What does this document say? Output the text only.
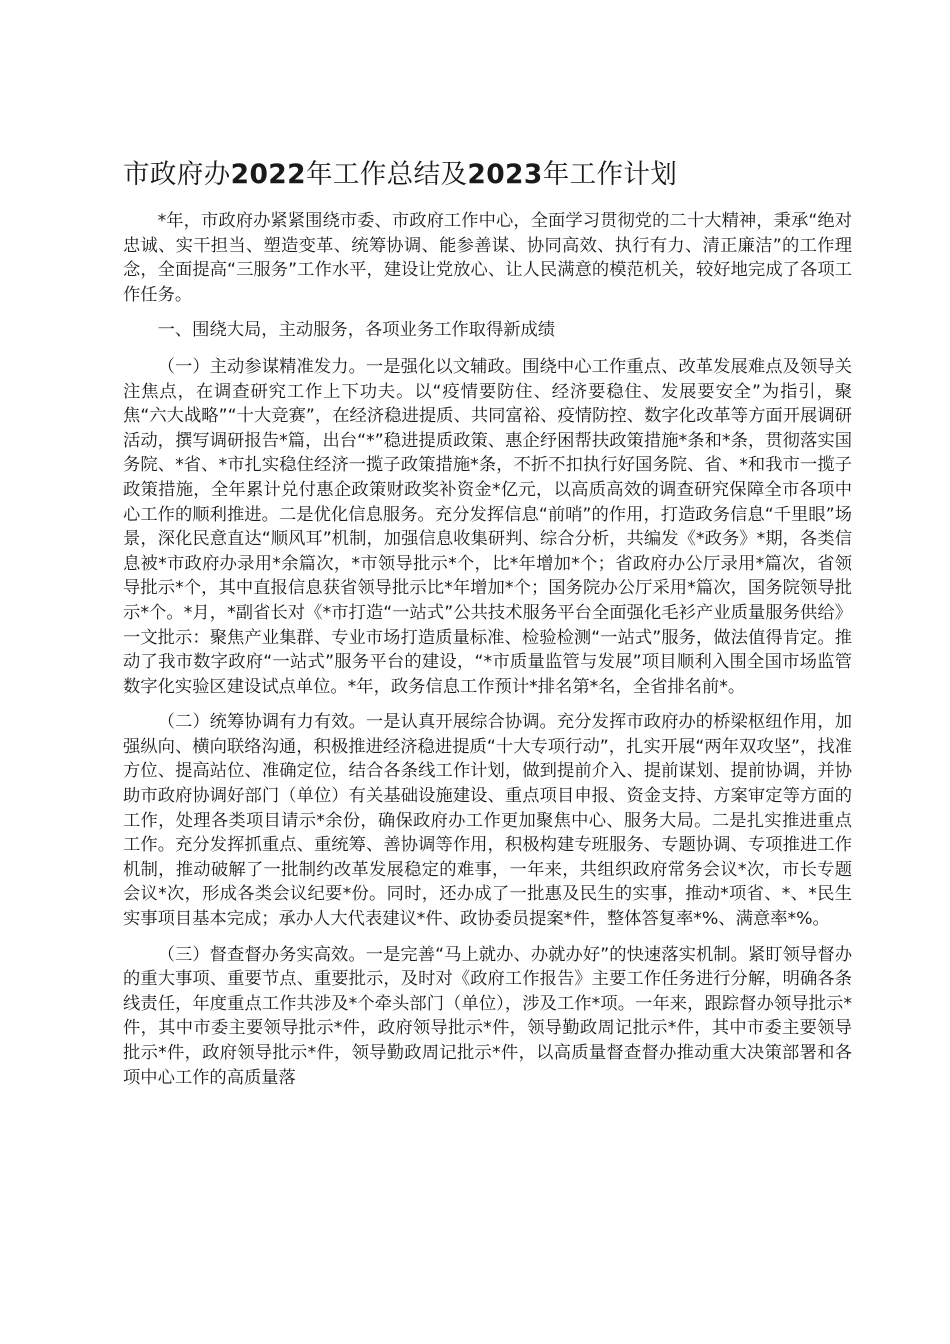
市政府办2022年工作总结及2023年工作计划

*年，市政府办紧紧围绕市委、市政府工作中心，全面学习贯彻党的二十大精神，秉承“绝对忠诚、实干担当、塑造变革、统筹协调、能参善谋、协同高效、执行有力、清正廉洁”的工作理念，全面提高“三服务”工作水平，建设让党放心、让人民满意的模范机关，较好地完成了各项工作任务。

一、围绕大局，主动服务，各项业务工作取得新成绩

（一）主动参谋精准发力。一是强化以文辅政。围绕中心工作重点、改革发展难点及领导关注焦点，在调查研究工作上下功夫。以“疫情要防住、经济要稳住、发展要安全”为指引，聚焦“六大战略”“十大竞赛”，在经济稳进提质、共同富裕、疫情防控、数字化改革等方面开展调研活动，撰写调研报告*篇，出台“*”稳进提质政策、惠企纾困帮扶政策措施*条和*条，贯彻落实国务院、*省、*市扎实稳住经济一揽子政策措施*条，不折不扣执行好国务院、省、*和我市一揽子政策措施，全年累计兑付惠企政策财政奖补资金*亿元，以高质高效的调查研究保障全市各项中心工作的顺利推进。二是优化信息服务。充分发挥信息“前哨”的作用，打造政务信息“千里眼”场景，深化民意直达“顺风耳”机制，加强信息收集研判、综合分析，共编发《*政务》*期，各类信息被*市政府办录用*余篇次，*市领导批示*个，比*年增加*个；省政府办公厅录用*篇次，省领导批示*个，其中直报信息获省领导批示比*年增加*个；国务院办公厅采用*篇次，国务院领导批示*个。*月，*副省长对《*市打造“一站式”公共技术服务平台全面强化毛衫产业质量服务供给》一文批示：聚焦产业集群、专业市场打造质量标准、检验检测“一站式”服务，做法值得肯定。推动了我市数字政府“一站式”服务平台的建设，“*市质量监管与发展”项目顺利入围全国市场监管数字化实验区建设试点单位。*年，政务信息工作预计*排名第*名，全省排名前*。

（二）统筹协调有力有效。一是认真开展综合协调。充分发挥市政府办的桥梁枢纽作用，加强纵向、横向联络沟通，积极推进经济稳进提质“十大专项行动”，扎实开展“两年双攻坚”，找准方位、提高站位、准确定位，结合各条线工作计划，做到提前介入、提前谋划、提前协调，并协助市政府协调好部门（单位）有关基础设施建设、重点项目申报、资金支持、方案审定等方面的工作，处理各类项目请示*余份，确保政府办工作更加聚焦中心、服务大局。二是扎实推进重点工作。充分发挥抓重点、重统筹、善协调等作用，积极构建专班服务、专题协调、专项推进工作机制，推动破解了一批制约改革发展稳定的难事，一年来，共组织政府常务会议*次，市长专题会议*次，形成各类会议纪要*份。同时，还办成了一批惠及民生的实事，推动*项省、*、*民生实事项目基本完成；承办人大代表建议*件、政协委员提案*件，整体答复率*%、满意率*%。

（三）督查督办务实高效。一是完善“马上就办、办就办好”的快速落实机制。紧盯领导督办的重大事项、重要节点、重要批示，及时对《政府工作报告》主要工作任务进行分解，明确各条线责任，年度重点工作共涉及*个牵头部门（单位），涉及工作*项。一年来，跟踪督办领导批示*件，其中市委主要领导批示*件，政府领导批示*件，领导勤政周记批示*件，其中市委主要领导批示*件，政府领导批示*件，领导勤政周记批示*件，以高质量督查督办推动重大决策部署和各项中心工作的高质量落
